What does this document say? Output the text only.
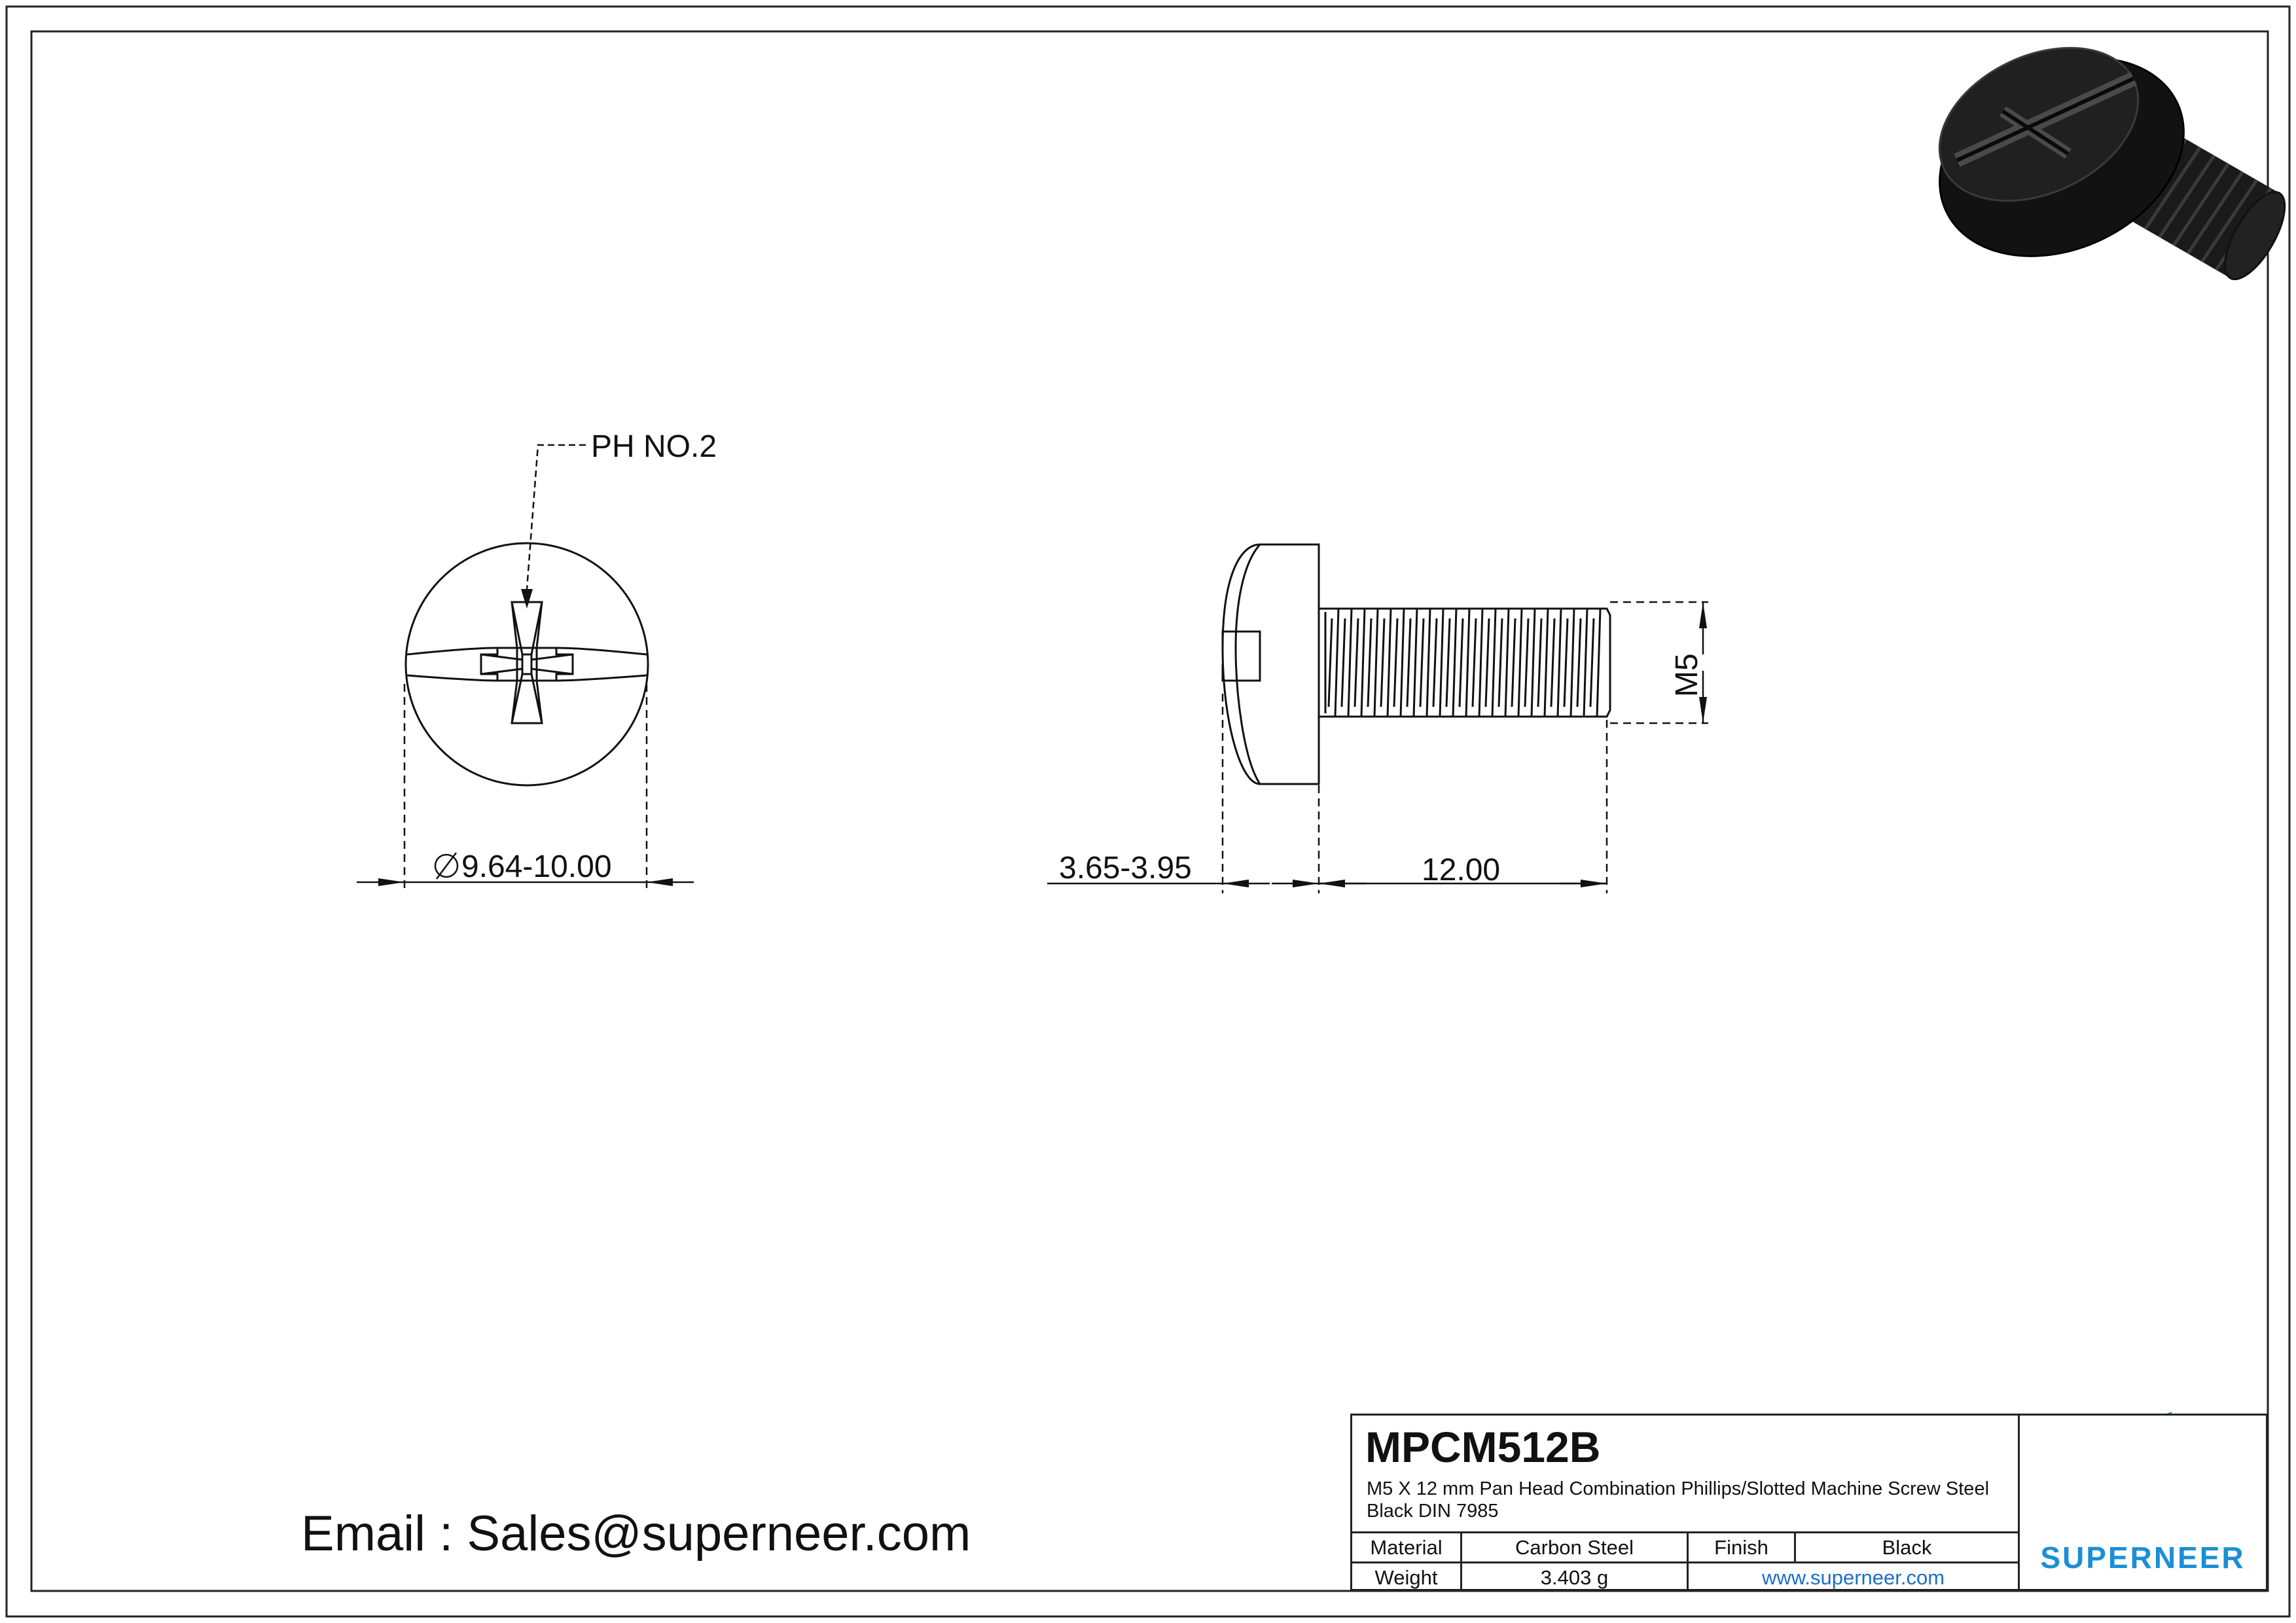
PH NO.2
9.64-10.00	3.65-3.95	12.00
M5
Email : Sales@superneer.com
MPCM512B
M5 X 12 mm Pan Head Combination Phillips/Slotted Machine Screw Steel Black DIN 7985
Material	Carbon Steel	Finish	Black
Weight	3.403 g	www.superneer.com
SUPERNEER
